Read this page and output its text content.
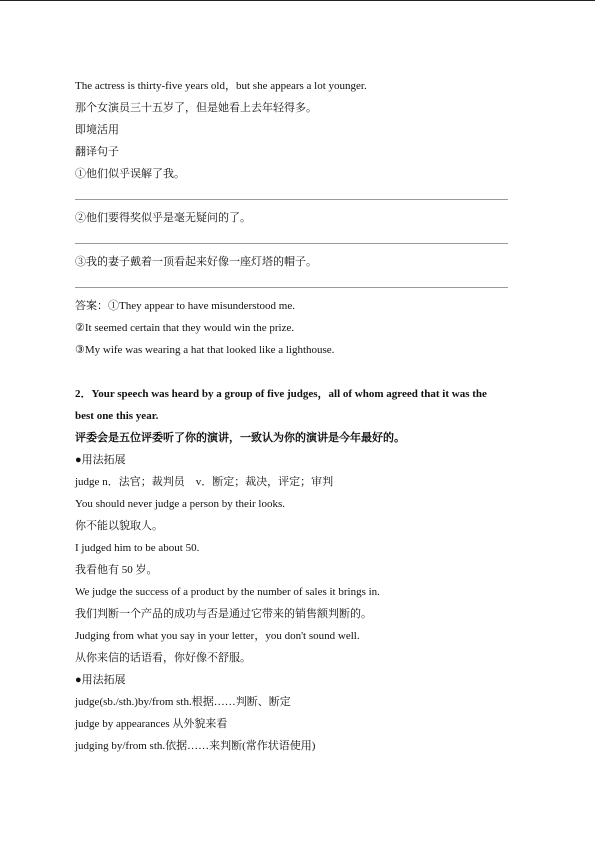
The actress is thirty-five years old，but she appears a lot younger.
那个女演员三十五岁了，但是她看上去年轻得多。
即境活用
翻译句子
①他们似乎误解了我。
②他们要得奖似乎是毫无疑问的了。
③我的妻子戴着一顶看起来好像一座灯塔的帽子。
答案：①They appear to have misunderstood me.
②It seemed certain that they would win the prize.
③My wife was wearing a hat that looked like a lighthouse.
2．Your speech was heard by a group of five judges，all of whom agreed that it was the
best one this year.
评委会是五位评委听了你的演讲，一致认为你的演讲是今年最好的。
●用法拓展
judge n．法官；裁判员　v．断定；裁决，评定；审判
You should never judge a person by their looks.
你不能以貌取人。
I judged him to be about 50.
我看他有 50 岁。
We judge the success of a product by the number of sales it brings in.
我们判断一个产品的成功与否是通过它带来的销售额判断的。
Judging from what you say in your letter，you don't sound well.
从你来信的话语看，你好像不舒服。
●用法拓展
judge(sb./sth.)by/from sth.根据……判断、断定
judge by appearances 从外貌来看
judging by/from sth.依据……来判断(常作状语使用)
